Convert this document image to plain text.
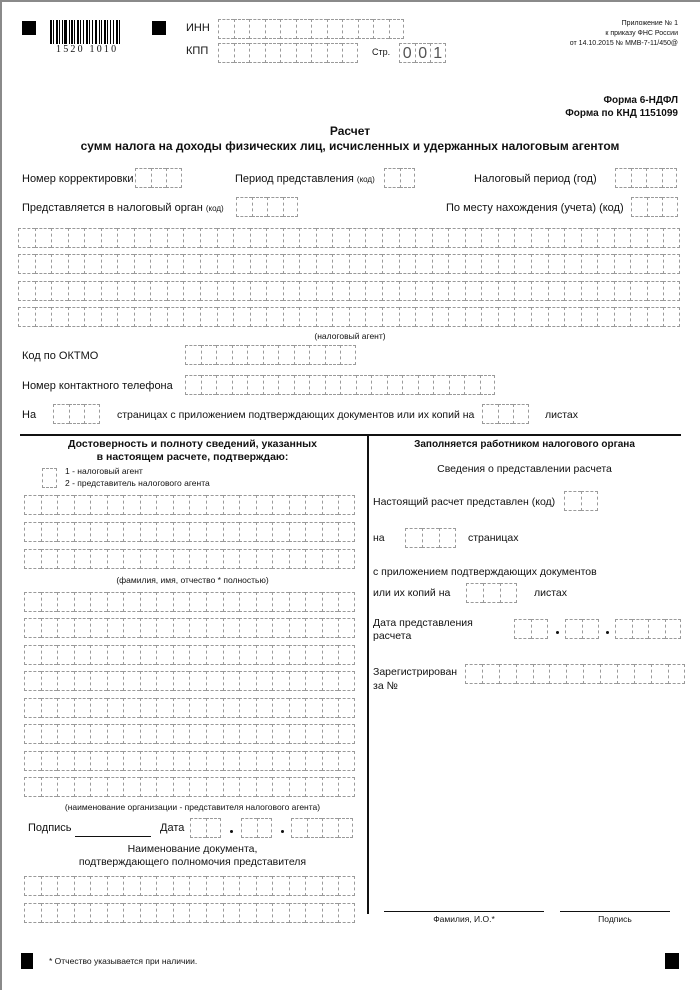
1520 1010
ИНН
КПП	Стр. 0 0 1
Приложение № 1
к приказу ФНС России
от 14.10.2015 № ММВ-7-11/450@
Форма 6-НДФЛ
Форма по КНД 1151099
Расчет
сумм налога на доходы физических лиц, исчисленных и удержанных налоговым агентом
Номер корректировки	Период представления (код)	Налоговый период (год)
Представляется в налоговый орган (код)	По месту нахождения (учета) (код)
(налоговый агент)
Код по ОКТМО
Номер контактного телефона
На	страницах с приложением подтверждающих документов или их копий на	листах
Достоверность и полноту сведений, указанных
в настоящем расчете, подтверждаю:
1 - налоговый агент
2 - представитель налогового агента
(фамилия, имя, отчество * полностью)
(наименование организации - представителя налогового агента)
Подпись	Дата
Наименование документа,
подтверждающего полномочия представителя
Заполняется работником налогового органа
Сведения о представлении расчета
Настоящий расчет представлен (код)
на	страницах
с приложением подтверждающих документов
или их копий на	листах
Дата представления
расчета
Зарегистрирован
за №
Фамилия, И.О.*	Подпись
* Отчество указывается при наличии.
